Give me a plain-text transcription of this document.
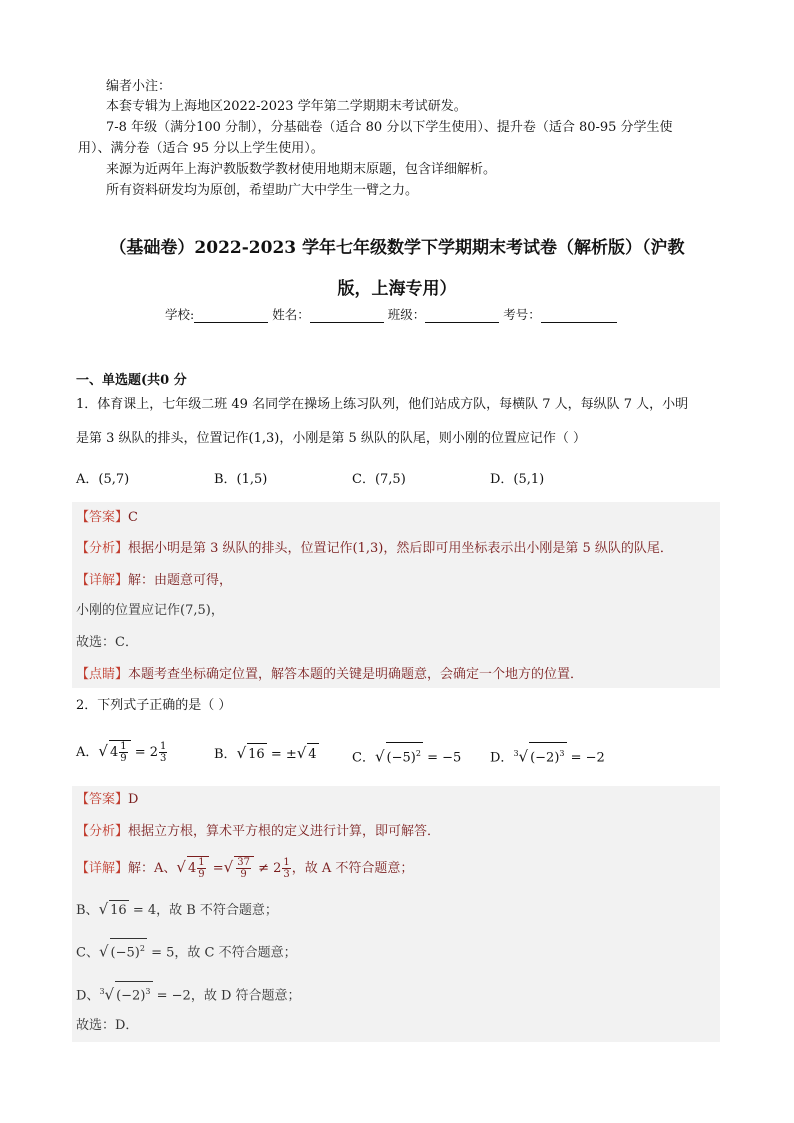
编者小注：
本套专辑为上海地区2022-2023 学年第二学期期末考试研发。
7-8 年级（满分100 分制），分基础卷（适合 80 分以下学生使用）、提升卷（适合 80-95 分学生使
用）、满分卷（适合 95 分以上学生使用）。
来源为近两年上海沪教版数学教材使用地期末原题，包含详细解析。
所有资料研发均为原创，希望助广大中学生一臂之力。
（基础卷）2022-2023 学年七年级数学下学期期末考试卷（解析版）（沪教
版，上海专用）
学校:	姓名：	班级：	考号：
一、单选题(共0 分
1．体育课上，七年级二班 49 名同学在操场上练习队列，他们站成方队，每横队 7 人，每纵队 7 人，小明
是第 3 纵队的排头，位置记作(1,3)，小刚是第 5 纵队的队尾，则小刚的位置应记作（ ）
A．(5,7)	B．(1,5)	C．(7,5)	D．(5,1)
【答案】C
【分析】根据小明是第 3 纵队的排头，位置记作(1,3)，然后即可用坐标表示出小刚是第 5 纵队的队尾．
【详解】解：由题意可得，
小刚的位置应记作(7,5)，
故选：C．
【点睛】本题考查坐标确定位置，解答本题的关键是明确题意，会确定一个地方的位置．
2．下列式子正确的是（ ）
A．√ $4 \frac{1}{9} = 2 \frac{1}{3}$	B．√ 16 = ±√ 4	C．√ $(-5)^2 = -5$ D．$^3$√ $(-2)^3 = -2$
【答案】D
【分析】根据立方根，算术平方根的定义进行计算，即可解答．
【详解】解：A、√ $4 \frac{1}{9}$ =√ $\frac{37}{9} \ne 2 \frac{1}{3}$ ，故 A 不符合题意；
B、√ 16 = 4，故 B 不符合题意；
C、√ $(-5)^2 = 5$，故 C 不符合题意；
D、$^3$√ $(-2)^3 = -2$，故 D 符合题意；
故选：D．
